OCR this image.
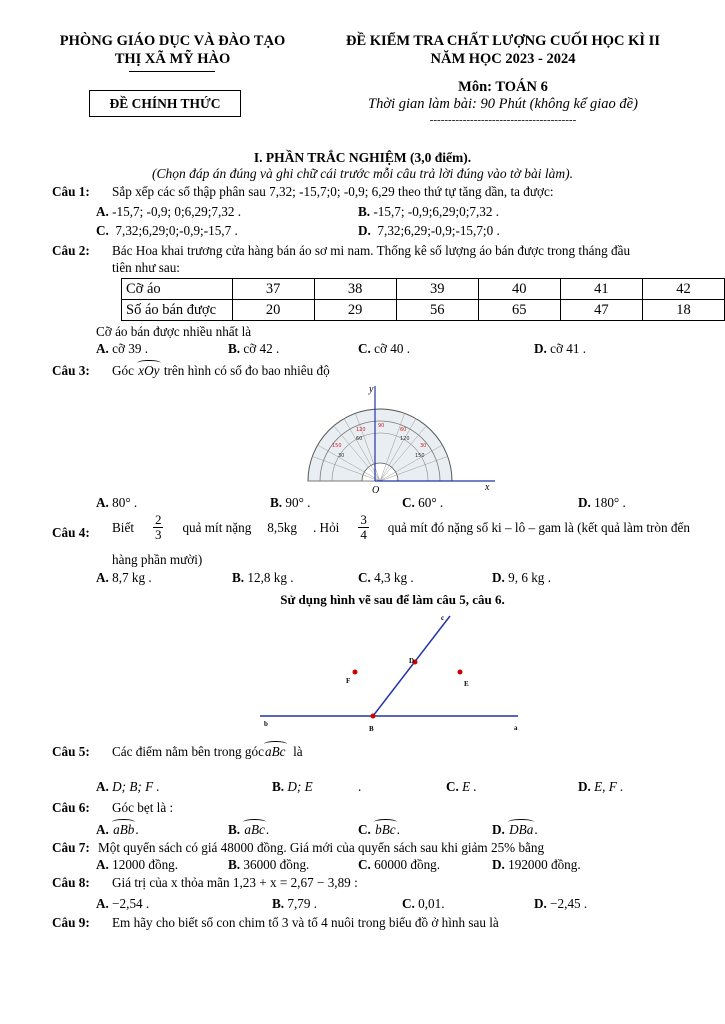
PHÒNG GIÁO DỤC VÀ ĐÀO TẠO
THỊ XÃ MỸ HÀO
ĐỀ CHÍNH THỨC
ĐỀ KIỂM TRA CHẤT LƯỢNG CUỐI HỌC KÌ II
NĂM HỌC 2023 - 2024
Môn: TOÁN 6
Thời gian làm bài: 90 Phút (không kể giao đề)
----------------------------------------
I. PHẦN TRẮC NGHIỆM (3,0 điểm).
(Chọn đáp án đúng và ghi chữ cái trước mỗi câu trả lời đúng vào tờ bài làm).
Câu 1: Sắp xếp các số thập phân sau 7,32; -15,7;0; -0,9; 6,29 theo thứ tự tăng dần, ta được:
A. -15,7; -0,9; 0;6,29;7,32 .	B. -15,7; -0,9;6,29;0;7,32 .
C. 7,32;6,29;0;-0,9;-15,7 .	D. 7,32;6,29;-0,9;-15,7;0 .
Câu 2: Bác Hoa khai trương cửa hàng bán áo sơ mi nam. Thống kê số lượng áo bán được trong tháng đầu
tiên như sau:
Cỡ áo	37	38	39	40	41	42
Số áo bán được	20	29	56	65	47	18
Cỡ áo bán được nhiều nhất là
A. cỡ 39 .	B. cỡ 42 .	C. cỡ 40 .	D. cỡ 41 .
Câu 3: Góc xOy trên hình có số đo bao nhiêu độ
90
60
120
30
150
120
60
150
30
y
O	x
A. 80° .	B. 90° .	C. 60° .	D. 180° .
Câu 4: Biết $\frac{2}{3}$ quả mít nặng 8,5kg . Hỏi $\frac{3}{4}$ quả mít đó nặng số ki – lô – gam là (kết quả làm tròn đến
hàng phần mười)
A. 8,7 kg .	B. 12,8 kg .	C. 4,3 kg .	D. 9, 6 kg .
Sử dụng hình vẽ sau để làm câu 5, câu 6.
c
D
F	E
b
B	a
Câu 5: Các điểm nằm bên trong gócaBc là
A. D; B; F .	B. D; E	.	C. E .	D. E, F .
Câu 6: Góc bẹt là :
A. aBb.	B. aBc.	C. bBc.	D. DBa.
Câu 7: Một quyển sách có giá 48000 đồng. Giá mới của quyển sách sau khi giảm 25% bằng
A. 12000 đồng.	B. 36000 đồng.	C. 60000 đồng.	D. 192000 đồng.
Câu 8: Giá trị của x thỏa mãn 1,23 + x = 2,67 − 3,89 :
A. −2,54 .	B. 7,79 .	C. 0,01.	D. −2,45 .
Câu 9: Em hãy cho biết số con chim tổ 3 và tổ 4 nuôi trong biểu đồ ở hình sau là
